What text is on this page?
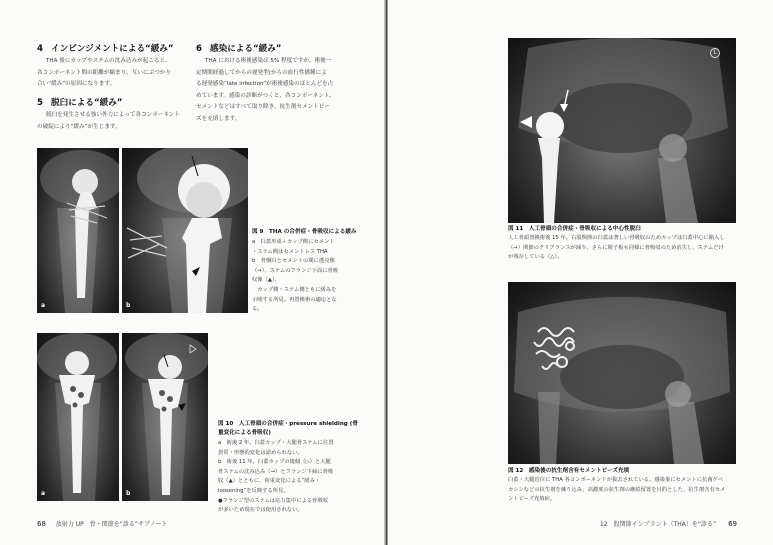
4 インピンジメントによる“緩み”
THA 後にカップやステムの沈み込みが起こると、
各コンポーネント間の距離が縮まり、互いにぶつかり
合い“緩み”の原因になります。
5 脱臼による“緩み”
脱臼を発生させる強い外力によって各コンポーネント
の破綻により“緩み”が生じます。
6 感染による“緩み”
THA における術後感染は 5% 程度ですが、術後一
定期間経過してからの遅発型(からの血行性播種によ
る遅発感染“late infection”が術後感染のほとんどを占
めています。感染の診断がつくと、各コンポーネント、
セメントなどはすべて取り除き、抗生剤セメントビー
ズを充填します。
a	b
図 9　THA の合併症・骨吸収による緩み
a　臼蓋形成＋カップ側にセメント
・ステム側はセメントレス THA
b　骨盤臼とセメントの間に透亮像
（→）、ステムのフランジ下面に骨吸
収像（▲）。
　カップ側・ステム側ともに緩みを
示唆する所見。再置換術の適応とな
る。
a	b
図 10　人工骨頭の合併症・pressure shielding (骨
量変化による骨吸収)
a　術後 2 年。臼蓋カップ・大腿骨ステムに位置
異常・形態的変化は認められない。
b　術後 11 年。臼蓋カップの後傾（▷）と大腿
骨ステムの沈み込み（→）とフランジ下縁に骨吸
収（▲）とともに、荷重変化による“緩み・
loosening”を反映する所見。
●フランジ型のステムは応力集中による骨吸収
が多いため現在では使用されない。
68 放射力 UP　骨・関節を“診る”サブノート
L
図 11　人工骨頭の合併症・骨吸収による中心性脱臼
人工骨頭置換術後 15 年。右股関節の臼蓋は著しい骨吸収のためカップは臼蓋中心に陥入し
（→）関節のクリアランスが減少、さらに脱子板も同様に骨吸収のため消失し、ステムだけ
が残存している（△）。
図 12　感染後の抗生剤含有セメントビーズ充填
臼蓋・大腿近位に THA 各コンポーネントが抜去されている。感染巣にセメントに抗菌ゲベ
カシンなどの抗生剤を練り込み、高濃度の抗生剤の継続留置を目的とした、抗生剤含有セメ
ントビーズ充填症。
12　股関節インプラント（THA）を“診る” 69
